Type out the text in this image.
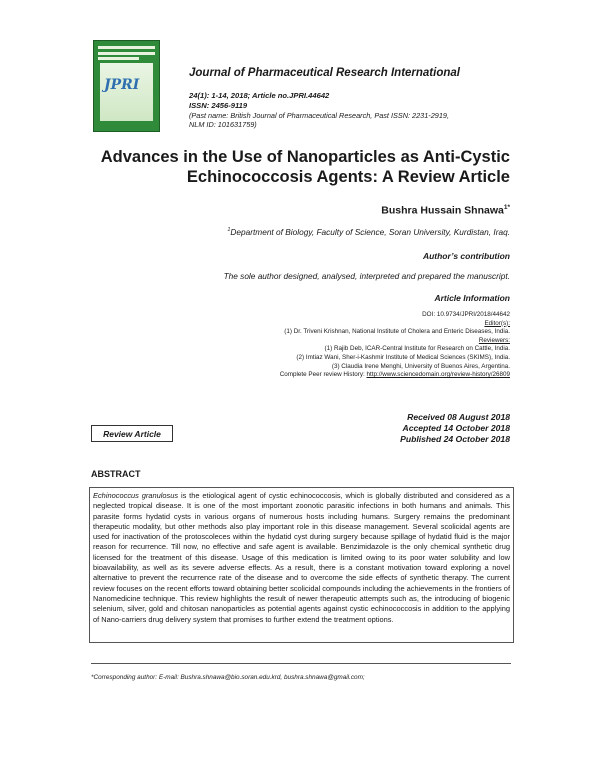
JPRI
Journal of Pharmaceutical Research International
24(1): 1-14, 2018; Article no.JPRI.44642
ISSN: 2456-9119
(Past name: British Journal of Pharmaceutical Research, Past ISSN: 2231-2919,
NLM ID: 101631759)
Advances in the Use of Nanoparticles as Anti-Cystic
Echinococcosis Agents: A Review Article
Bushra Hussain Shnawa$^{1*}$
$^1$Department of Biology, Faculty of Science, Soran University, Kurdistan, Iraq.
Author’s contribution
The sole author designed, analysed, interpreted and prepared the manuscript.
Article Information
DOI: 10.9734/JPRI/2018/44642
Editor(s):
(1) Dr. Triveni Krishnan, National Institute of Cholera and Enteric Diseases, India.
Reviewers:
(1) Rajib Deb, ICAR-Central Institute for Research on Cattle, India.
(2) Imtiaz Wani, Sher-i-Kashmir Institute of Medical Sciences (SKIMS), India.
(3) Claudia Irene Menghi, University of Buenos Aires, Argentina.
Complete Peer review History: http://www.sciencedomain.org/review-history/26809
Review Article
Received 08 August 2018
Accepted 14 October 2018
Published 24 October 2018
ABSTRACT

Echinococcus granulosus is the etiological agent of cystic echinococcosis, which is globally distributed and considered as a neglected tropical disease. It is one of the most important zoonotic parasitic infections in both humans and animals. This parasite forms hydatid cysts in various organs of numerous hosts including humans. Surgery remains the predominant therapeutic modality, but other methods also play important role in this disease management. Several scolicidal agents are used for inactivation of the protoscoleces within the hydatid cyst during surgery because spillage of hydatid fluid is the major reason for recurrence. Till now, no effective and safe agent is available. Benzimidazole is the only chemical synthetic drug licensed for the treatment of this disease. Usage of this medication is limited owing to its poor water solubility and low bioavailability, as well as its severe adverse effects. As a result, there is a constant motivation toward exploring a novel alternative to prevent the recurrence rate of the disease and to overcome the side effects of synthetic therapy. The current review focuses on the recent efforts toward obtaining better scolicidal compounds including the achievements in the frontiers of Nanomedicine technique. This review highlights the result of newer therapeutic attempts such as, the introducing of biogenic selenium, silver, gold and chitosan nanoparticles as potential agents against cystic echinococcosis in addition to the applying of Nano-carriers drug delivery system that promises to further extend the treatment options.

*Corresponding author: E-mail: Bushra.shnawa@bio.soran.edu.krd, bushra.shnawa@gmail.com;
